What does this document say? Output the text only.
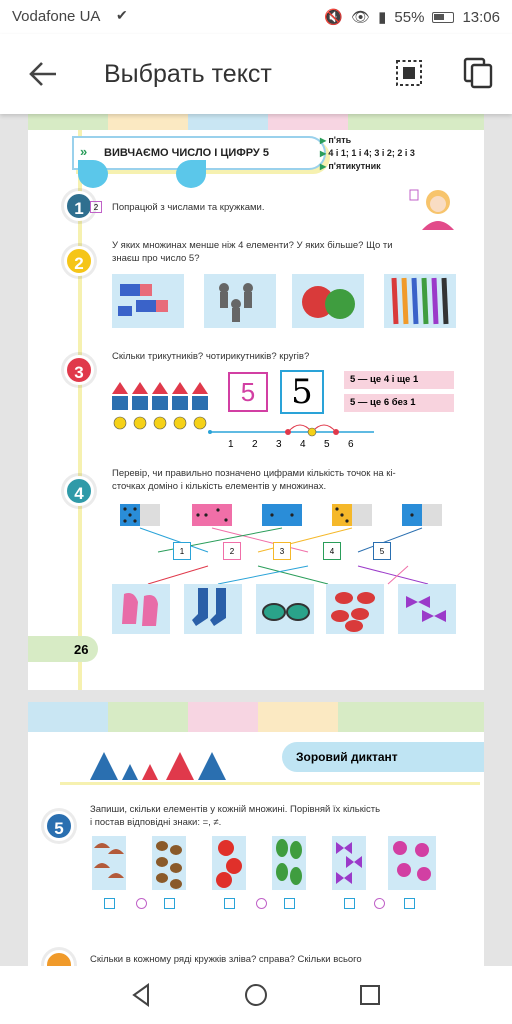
Vodafone UA ✔	🔇 👁 ▮ 55%	13:06
Выбрать текст
ВИВЧАЄМО ЧИСЛО І ЦИФРУ 5
»
▶ п'ять
▶ 4 і 1; 1 і 4; 3 і 2; 2 і 3
▶ п'ятикутник
1	2	Попрацюй з числами та кружками.
2
У яких множинах менше ніж 4 елементи? У яких більше? Що ти
знаєш про число 5?
3
Скільки трикутників? чотирикутників? кругів?
5	5	5 — це 4 і ще 1
5 — це 6 без 1
1	2	3	4	5	6
4
Перевір, чи правильно позначено цифрами кількість точок на кі-
сточках доміно і кількість елементів у множинах.
1	2	3	4	5
26
Зоровий диктант
5
Запиши, скільки елементів у кожній множині. Порівняй їх кількість
і постав відповідні знаки: =, ≠.
Скільки в кожному ряді кружків зліва? справа? Скільки всього
